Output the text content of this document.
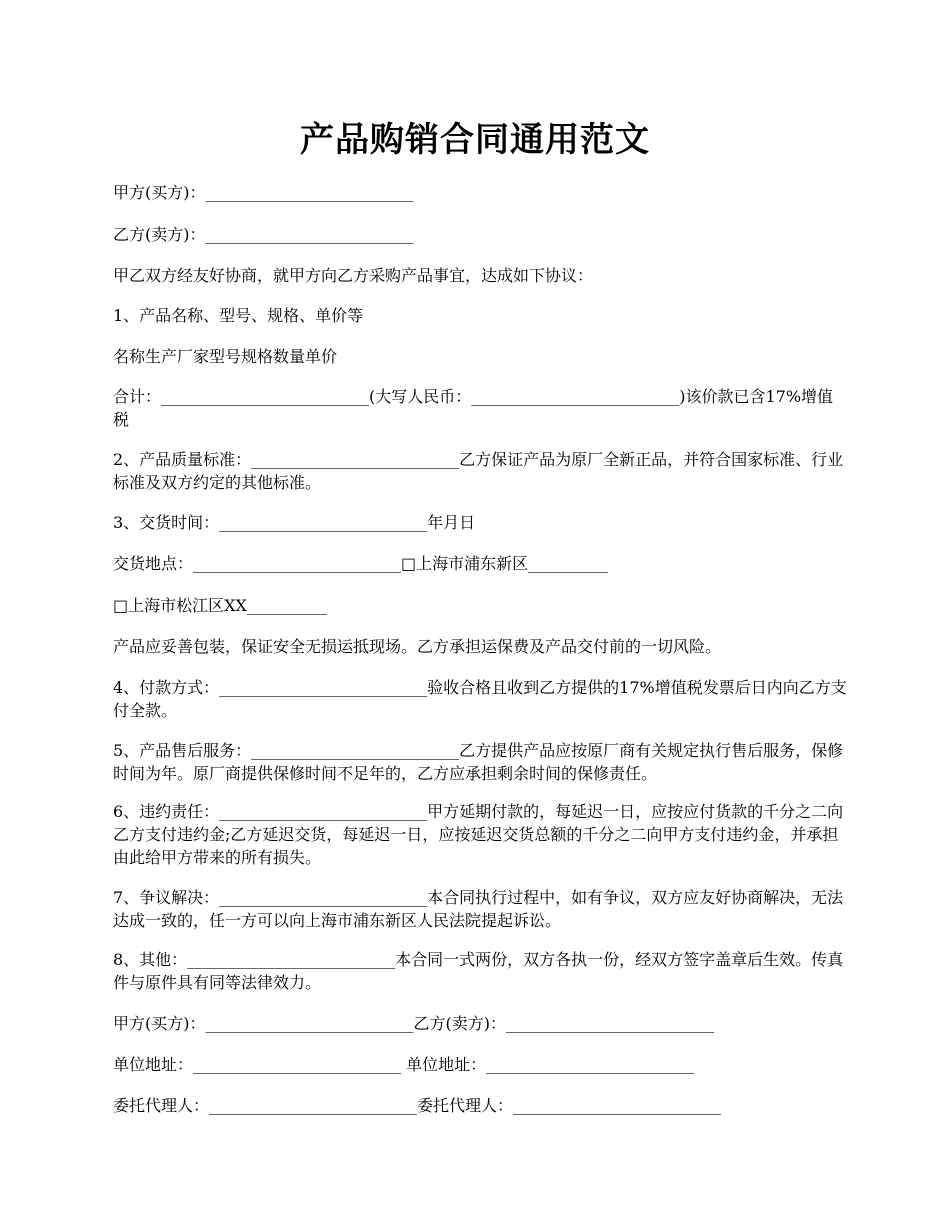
产品购销合同通用范文
甲方(买方)：__________________________
乙方(卖方)：__________________________
甲乙双方经友好协商，就甲方向乙方采购产品事宜，达成如下协议：
1、产品名称、型号、规格、单价等
名称生产厂家型号规格数量单价
合计：__________________________(大写人民币：__________________________)该价款已含17%增值税
2、产品质量标准：__________________________乙方保证产品为原厂全新正品，并符合国家标准、行业标准及双方约定的其他标准。
3、交货时间：__________________________年月日
交货地点：__________________________□上海市浦东新区__________
□上海市松江区XX__________
产品应妥善包装，保证安全无损运抵现场。乙方承担运保费及产品交付前的一切风险。
4、付款方式：__________________________验收合格且收到乙方提供的17%增值税发票后日内向乙方支付全款。
5、产品售后服务：__________________________乙方提供产品应按原厂商有关规定执行售后服务，保修时间为年。原厂商提供保修时间不足年的，乙方应承担剩余时间的保修责任。
6、违约责任：__________________________甲方延期付款的，每延迟一日，应按应付货款的千分之二向乙方支付违约金;乙方延迟交货，每延迟一日，应按延迟交货总额的千分之二向甲方支付违约金，并承担由此给甲方带来的所有损失。
7、争议解决：__________________________本合同执行过程中，如有争议，双方应友好协商解决，无法达成一致的，任一方可以向上海市浦东新区人民法院提起诉讼。
8、其他：__________________________本合同一式两份，双方各执一份，经双方签字盖章后生效。传真件与原件具有同等法律效力。
甲方(买方)：__________________________乙方(卖方)：__________________________
单位地址：__________________________ 单位地址：__________________________
委托代理人：__________________________委托代理人：__________________________
